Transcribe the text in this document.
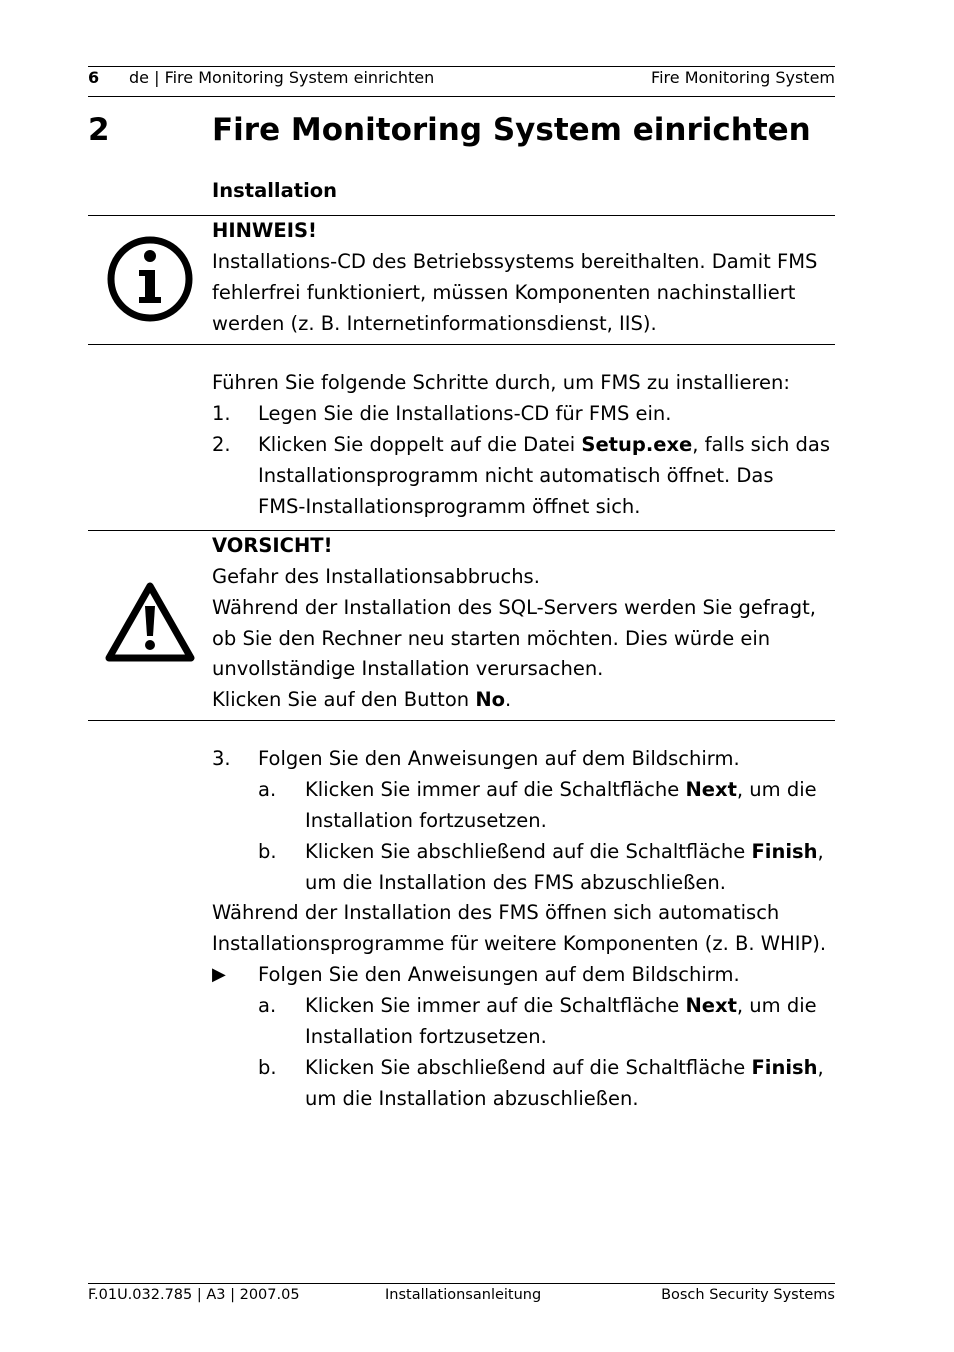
6 de | Fire Monitoring System einrichten	Fire Monitoring System
2	Fire Monitoring System einrichten
Installation
HINWEIS!
Installations-CD des Betriebssystems bereithalten. Damit FMS
fehlerfrei funktioniert, müssen Komponenten nachinstalliert
werden (z. B. Internetinformationsdienst, IIS).
Führen Sie folgende Schritte durch, um FMS zu installieren:
1. Legen Sie die Installations-CD für FMS ein.
2. Klicken Sie doppelt auf die Datei Setup.exe, falls sich das
Installationsprogramm nicht automatisch öffnet. Das
FMS-Installationsprogramm öffnet sich.
VORSICHT!
Gefahr des Installationsabbruchs.
Während der Installation des SQL-Servers werden Sie gefragt,
ob Sie den Rechner neu starten möchten. Dies würde ein
unvollständige Installation verursachen.
Klicken Sie auf den Button No.
3. Folgen Sie den Anweisungen auf dem Bildschirm.
a. Klicken Sie immer auf die Schaltfläche Next, um die
Installation fortzusetzen.
b. Klicken Sie abschließend auf die Schaltfläche Finish,
um die Installation des FMS abzuschließen.
Während der Installation des FMS öffnen sich automatisch
Installationsprogramme für weitere Komponenten (z. B. WHIP).
▶ Folgen Sie den Anweisungen auf dem Bildschirm.
a. Klicken Sie immer auf die Schaltfläche Next, um die
Installation fortzusetzen.
b. Klicken Sie abschließend auf die Schaltfläche Finish,
um die Installation abzuschließen.
F.01U.032.785 | A3 | 2007.05	Installationsanleitung	Bosch Security Systems
